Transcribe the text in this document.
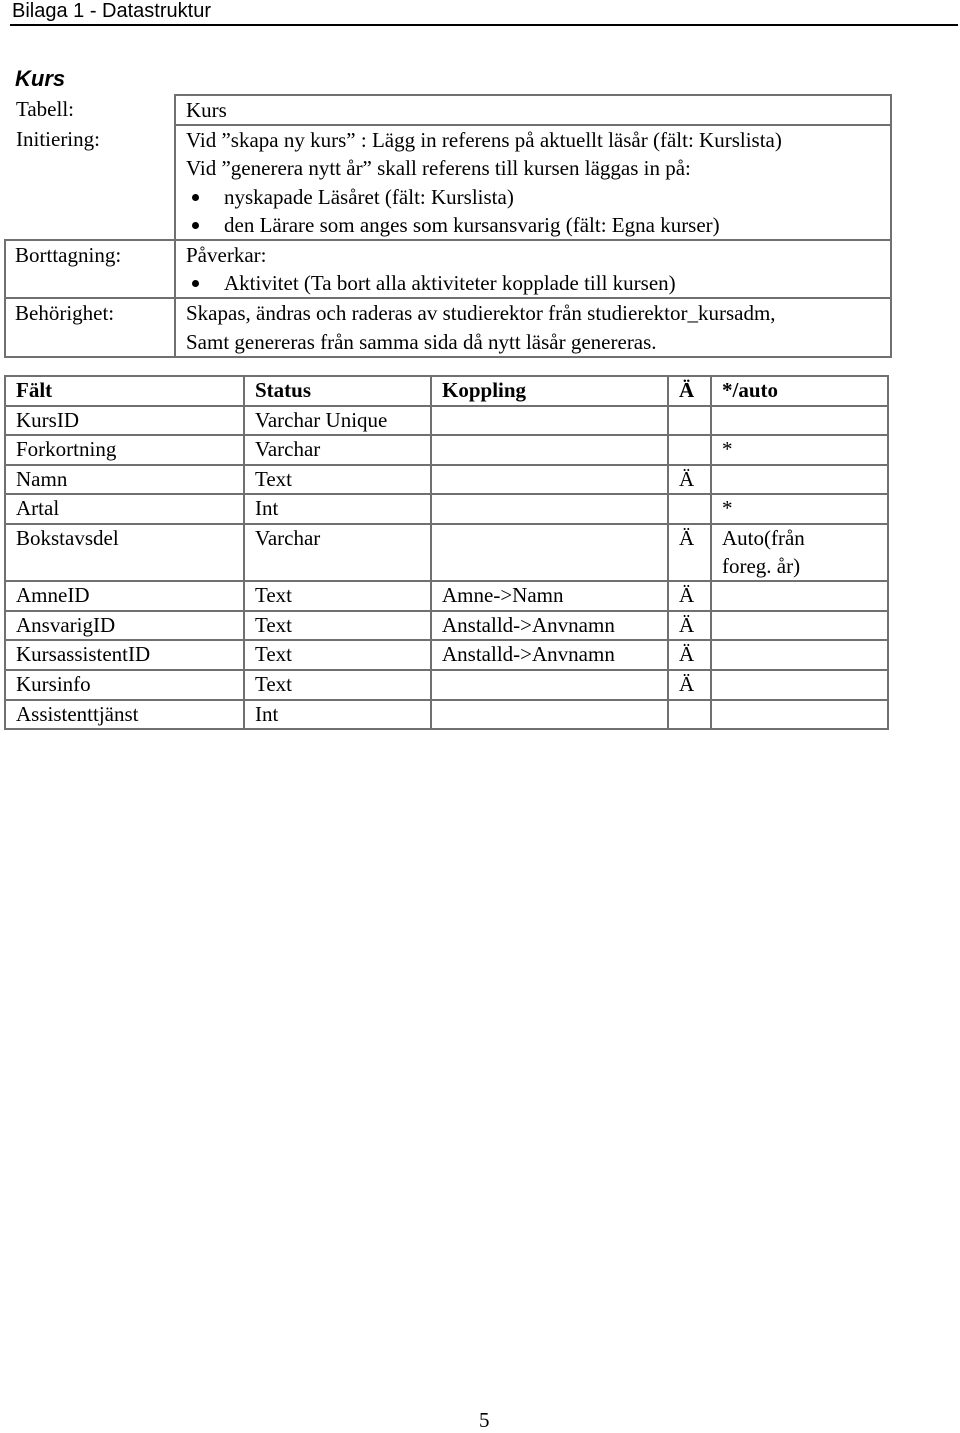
Bilaga 1 - Datastruktur
Kurs
Tabell:	Kurs

Initiering:	Vid ”skapa ny kurs” : Lägg in referens på aktuellt läsår (fält: Kurslista)
Vid ”generera nytt år” skall referens till kursen läggas in på:
nyskapade Läsåret (fält: Kurslista)
den Lärare som anges som kursansvarig (fält: Egna kurser)

Borttagning:	Påverkar:
Aktivitet (Ta bort alla aktiviteter kopplade till kursen)

Behörighet:	Skapas, ändras och raderas av studierektor från studierektor_kursadm,
Samt genereras från samma sida då nytt läsår genereras.
Fält	Status	Koppling	Ä	*/auto
KursID	Varchar Unique			
Forkortning	Varchar			*
Namn	Text		Ä	
Artal	Int			*
Bokstavsdel	Varchar		Ä	Auto(från foreg. år)
AmneID	Text	Amne->Namn	Ä	
AnsvarigID	Text	Anstalld->Anvnamn	Ä	
KursassistentID	Text	Anstalld->Anvnamn	Ä	
Kursinfo	Text		Ä	
Assistenttjänst	Int			
5
